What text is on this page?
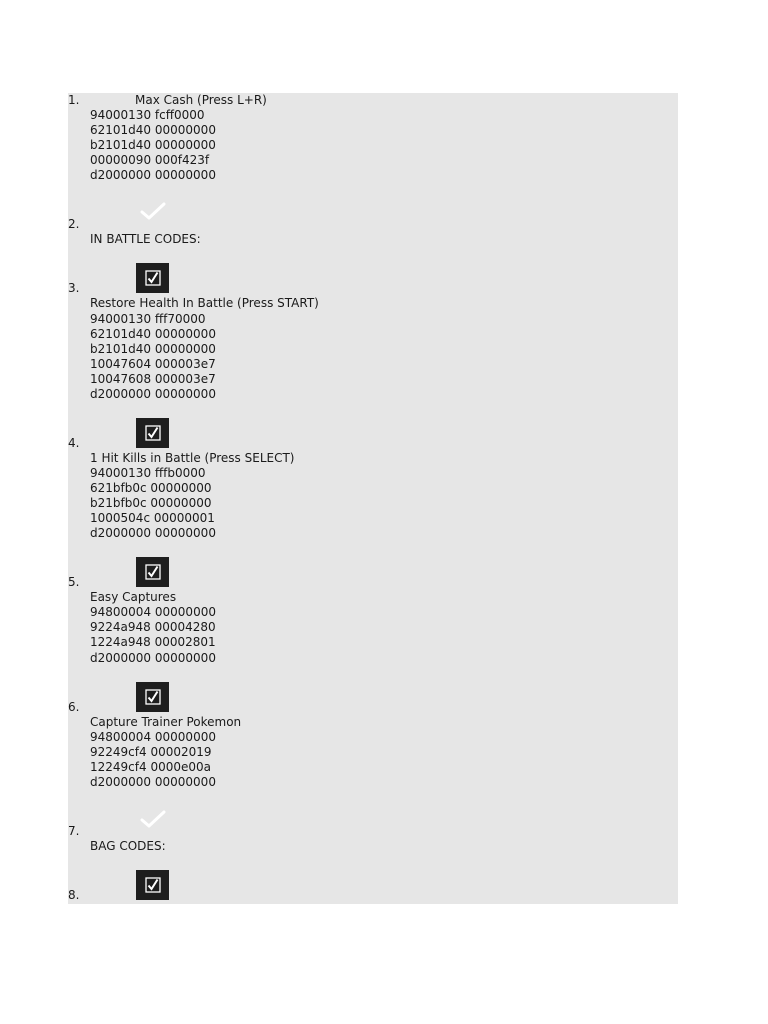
1.	Max Cash (Press L+R)
94000130 fcff0000
62101d40 00000000
b2101d40 00000000
00000090 000f423f
d2000000 00000000
2.
IN BATTLE CODES:
3.
Restore Health In Battle (Press START)
94000130 fff70000
62101d40 00000000
b2101d40 00000000
10047604 000003e7
10047608 000003e7
d2000000 00000000
4.
1 Hit Kills in Battle (Press SELECT)
94000130 fffb0000
621bfb0c 00000000
b21bfb0c 00000000
1000504c 00000001
d2000000 00000000
5.
Easy Captures
94800004 00000000
9224a948 00004280
1224a948 00002801
d2000000 00000000
6.
Capture Trainer Pokemon
94800004 00000000
92249cf4 00002019
12249cf4 0000e00a
d2000000 00000000
7.
BAG CODES:
8.
